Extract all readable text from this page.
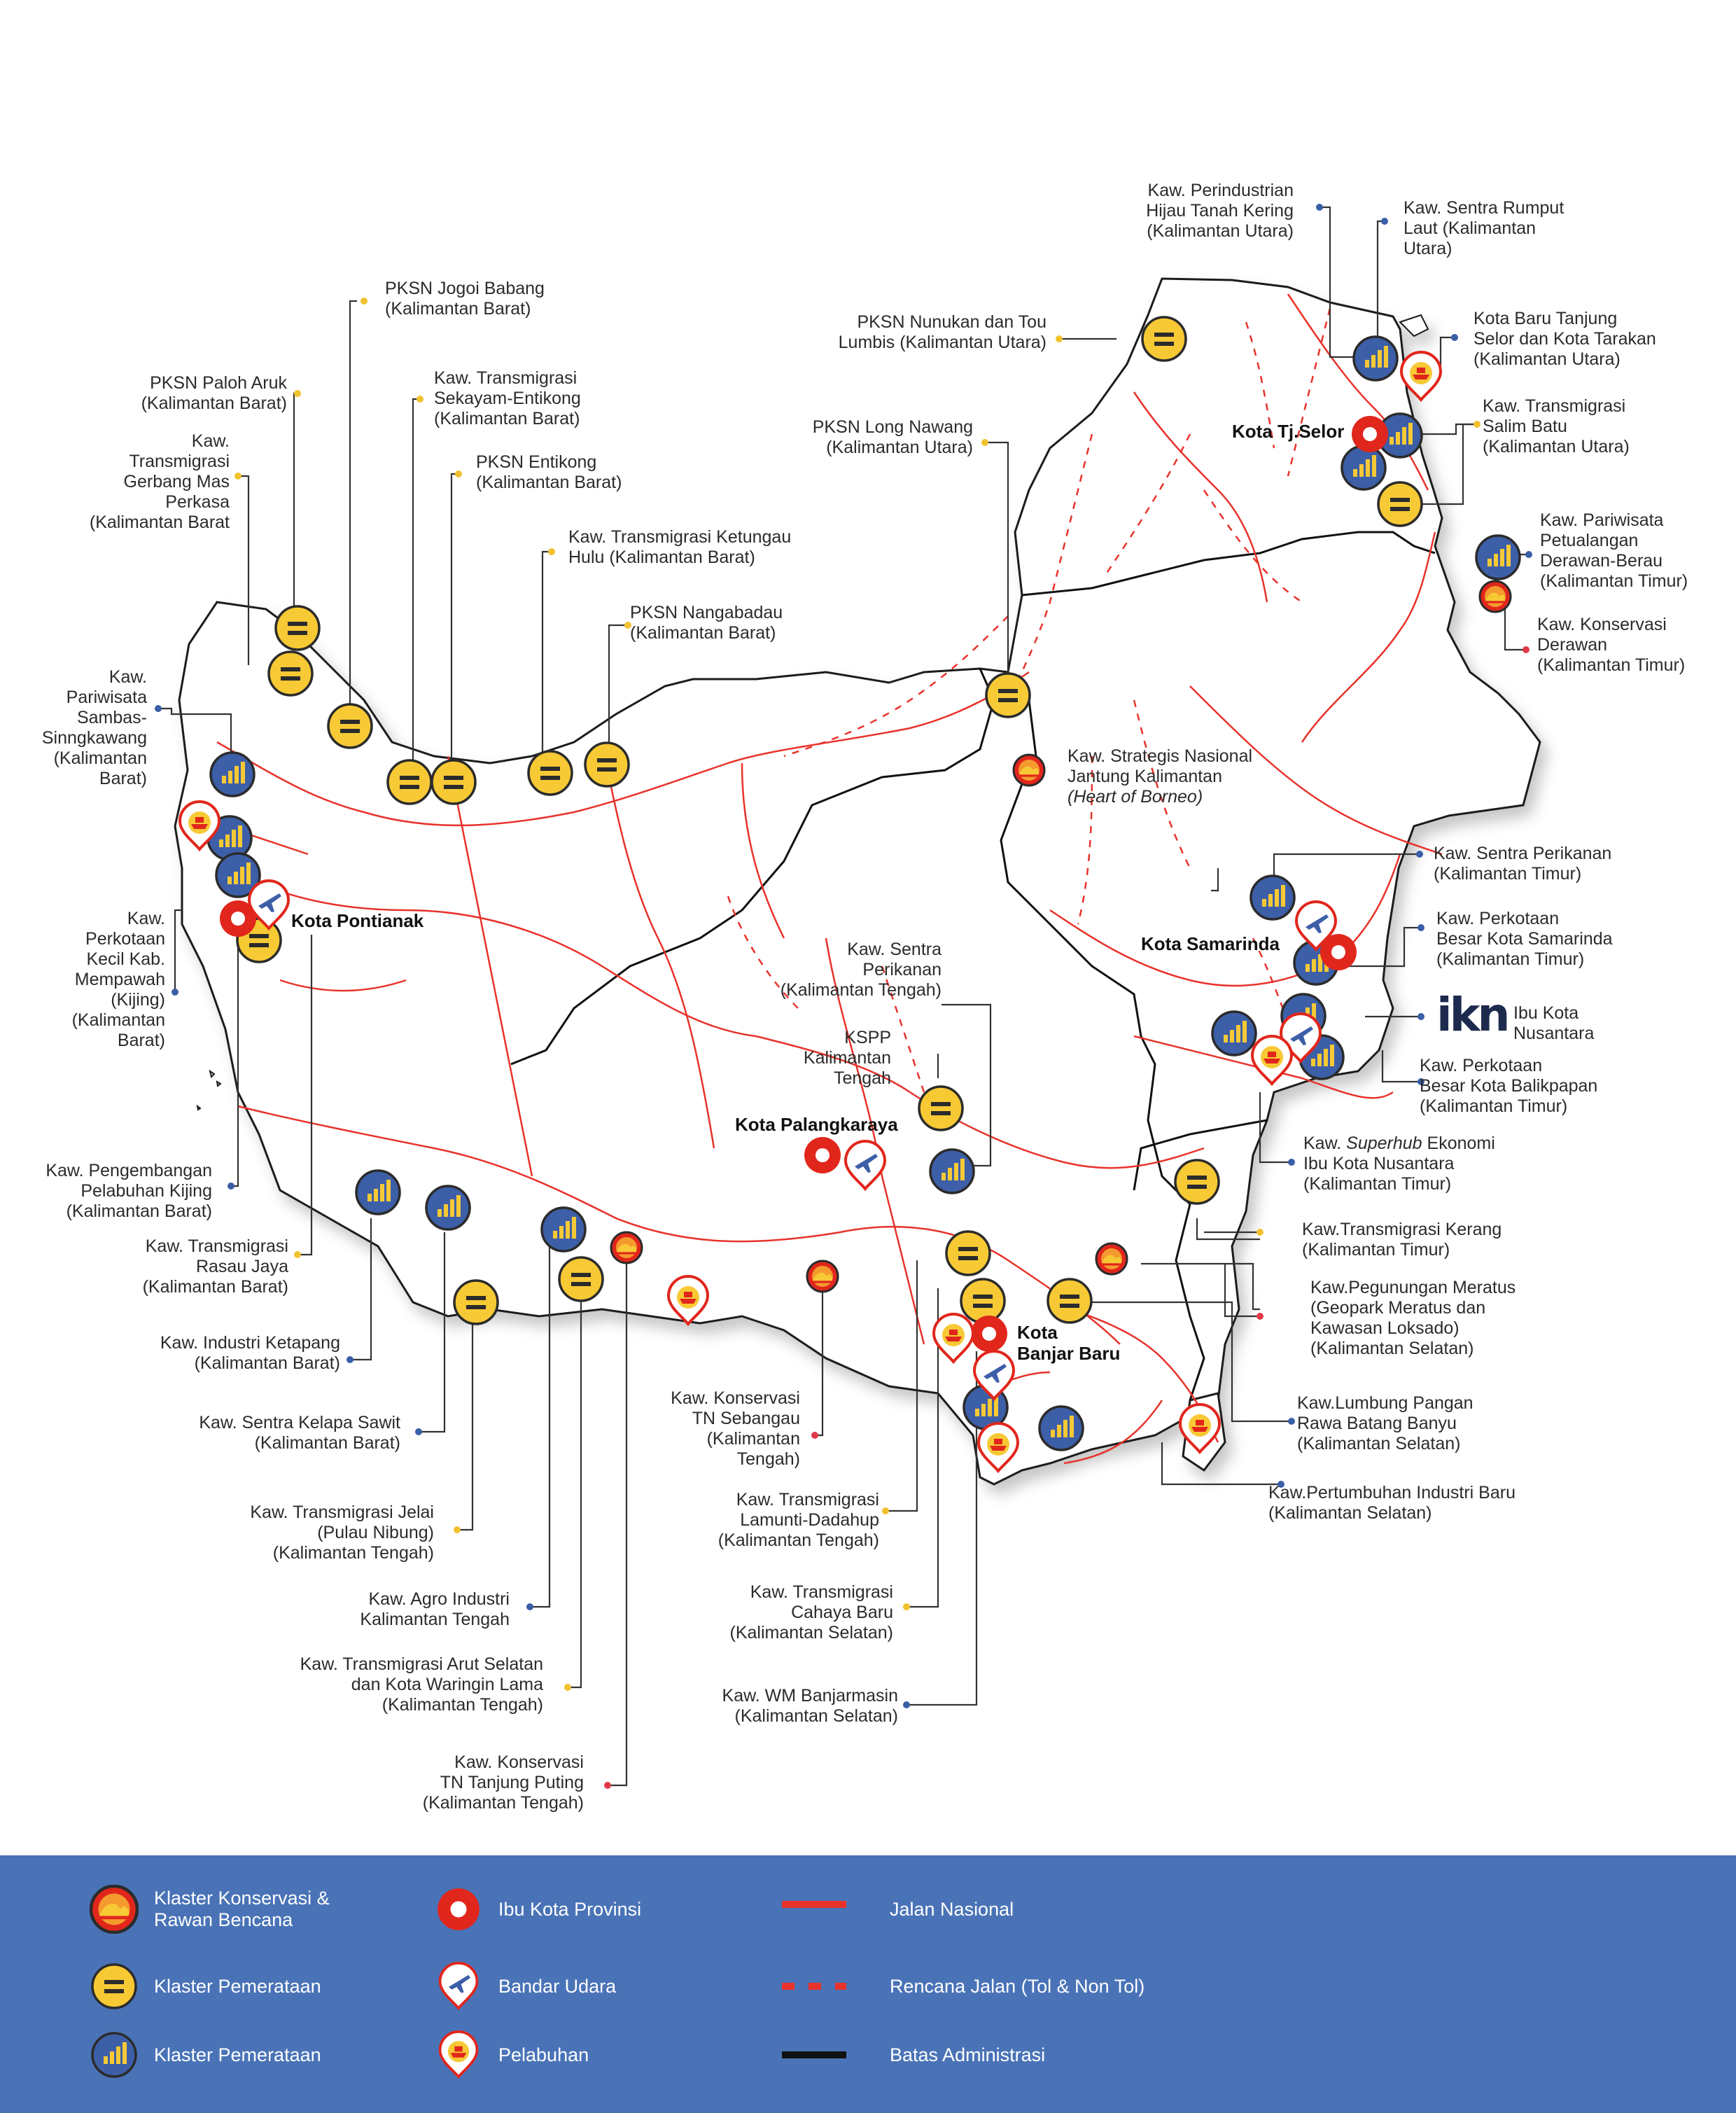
ikn
Kota Tj.Selor
Kota Pontianak
Kota Samarinda
Kota Palangkaraya
Kota Banjar Baru
Kaw. Perindustrian Hijau Tanah Kering (Kalimantan Utara)
Kaw. Sentra Rumput Laut (Kalimantan Utara)
Kota Baru Tanjung Selor dan Kota Tarakan (Kalimantan Utara)
Kaw. Transmigrasi Salim Batu (Kalimantan Utara)
Kaw. Pariwisata Petualangan Derawan-Berau (Kalimantan Timur)
Kaw. Konservasi Derawan (Kalimantan Timur)
PKSN Nunukan dan Tou Lumbis (Kalimantan Utara)
PKSN Long Nawang (Kalimantan Utara)
PKSN Jogoi Babang (Kalimantan Barat)
Kaw. Transmigrasi Sekayam-Entikong (Kalimantan Barat)
PKSN Entikong (Kalimantan Barat)
Kaw. Transmigrasi Ketungau Hulu (Kalimantan Barat)
PKSN Nangabadau (Kalimantan Barat)
PKSN Paloh Aruk (Kalimantan Barat)
Kaw. Transmigrasi Gerbang Mas Perkasa (Kalimantan Barat
Kaw. Pariwisata Sambas-Sinngkawang (Kalimantan Barat)
Kaw. Perkotaan Kecil Kab. Mempawah (Kijing) (Kalimantan Barat)
Kaw. Strategis Nasional Jantung Kalimantan (Heart of Borneo)
Kaw. Sentra Perikanan (Kalimantan Timur)
Kaw. Perkotaan Besar Kota Samarinda (Kalimantan Timur)
Ibu Kota Nusantara
Kaw. Perkotaan Besar Kota Balikpapan (Kalimantan Timur)
Kaw. Superhub Ekonomi Ibu Kota Nusantara (Kalimantan Timur)
Kaw.Transmigrasi Kerang (Kalimantan Timur)
Kaw.Pegunungan Meratus (Geopark Meratus dan Kawasan Loksado) (Kalimantan Selatan)
Kaw.Lumbung Pangan Rawa Batang Banyu (Kalimantan Selatan)
Kaw.Pertumbuhan Industri Baru (Kalimantan Selatan)
Kaw. Sentra Perikanan (Kalimantan Tengah)
KSPP Kalimantan Tengah
Kaw. Pengembangan Pelabuhan Kijing (Kalimantan Barat)
Kaw. Transmigrasi Rasau Jaya (Kalimantan Barat)
Kaw. Industri Ketapang (Kalimantan Barat)
Kaw. Sentra Kelapa Sawit (Kalimantan Barat)
Kaw. Transmigrasi Jelai (Pulau Nibung) (Kalimantan Tengah)
Kaw. Agro Industri Kalimantan Tengah
Kaw. Transmigrasi Arut Selatan dan Kota Waringin Lama (Kalimantan Tengah)
Kaw. Konservasi TN Tanjung Puting (Kalimantan Tengah)
Kaw. Konservasi TN Sebangau (Kalimantan Tengah)
Kaw. Transmigrasi Lamunti-Dadahup (Kalimantan Tengah)
Kaw. Transmigrasi Cahaya Baru (Kalimantan Selatan)
Kaw. WM Banjarmasin (Kalimantan Selatan)
Klaster Konservasi &
Rawan Bencana
Klaster Pemerataan
Klaster Pemerataan
Ibu Kota Provinsi
Bandar Udara
Pelabuhan
Jalan Nasional
Rencana Jalan (Tol & Non Tol)
Batas Administrasi
